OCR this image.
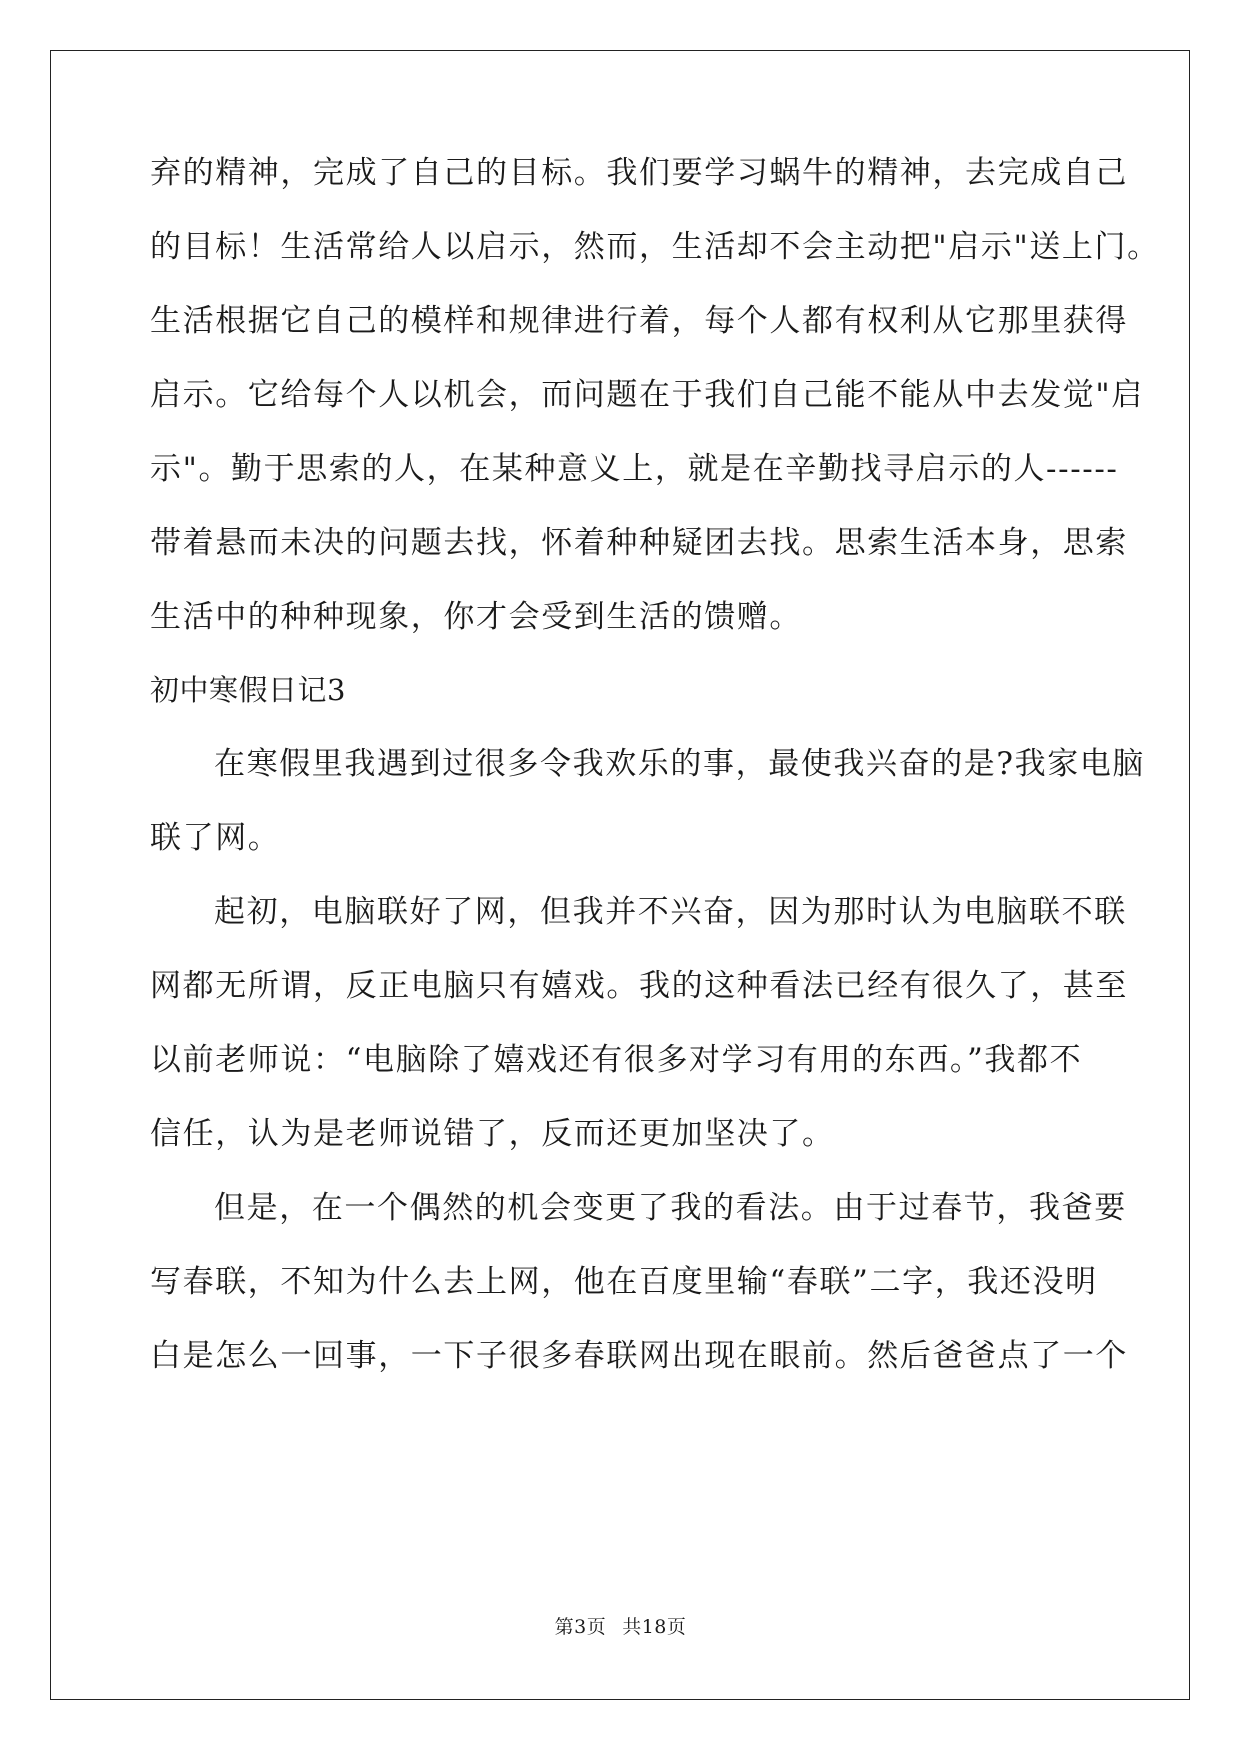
弃的精神，完成了自己的目标。我们要学习蜗牛的精神，去完成自己
的目标！生活常给人以启示，然而，生活却不会主动把"启示"送上门。
生活根据它自己的模样和规律进行着，每个人都有权利从它那里获得
启示。它给每个人以机会，而问题在于我们自己能不能从中去发觉"启
示"。勤于思索的人，在某种意义上，就是在辛勤找寻启示的人------
带着悬而未决的问题去找，怀着种种疑团去找。思索生活本身，思索
生活中的种种现象，你才会受到生活的馈赠。
初中寒假日记3
在寒假里我遇到过很多令我欢乐的事，最使我兴奋的是?我家电脑
联了网。
起初，电脑联好了网，但我并不兴奋，因为那时认为电脑联不联
网都无所谓，反正电脑只有嬉戏。我的这种看法已经有很久了，甚至
以前老师说：“电脑除了嬉戏还有很多对学习有用的东西。”我都不
信任，认为是老师说错了，反而还更加坚决了。
但是，在一个偶然的机会变更了我的看法。由于过春节，我爸要
写春联，不知为什么去上网，他在百度里输“春联”二字，我还没明
白是怎么一回事，一下子很多春联网出现在眼前。然后爸爸点了一个
第3页 共18页
